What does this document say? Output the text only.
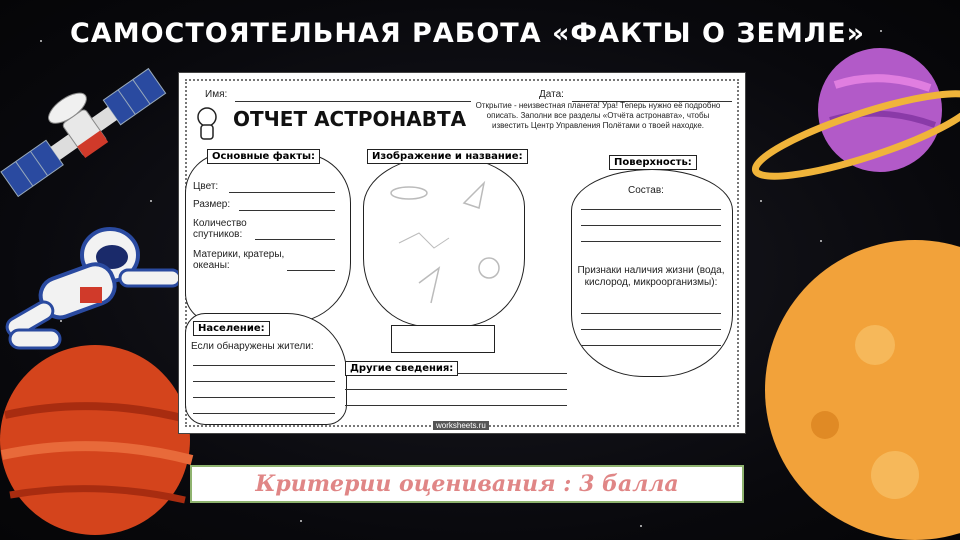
САМОСТОЯТЕЛЬНАЯ РАБОТА «ФАКТЫ О ЗЕМЛЕ»
Имя:	Дата:
ОТЧЕТ АСТРОНАВТА
Открытие - неизвестная планета! Ура! Теперь нужно её подробно описать. Заполни все разделы «Отчёта астронавта», чтобы известить Центр Управления Полётами о твоей находке.
Основные факты:
Цвет:
Размер:
Количество спутников:
Материки, кратеры, океаны:
Изображение и название:
Поверхность:
Состав:
Признаки наличия жизни (вода, кислород, микроорганизмы):
Население:
Если обнаружены жители:
Другие сведения:
worksheets.ru
Критерии оценивания : 3 балла
